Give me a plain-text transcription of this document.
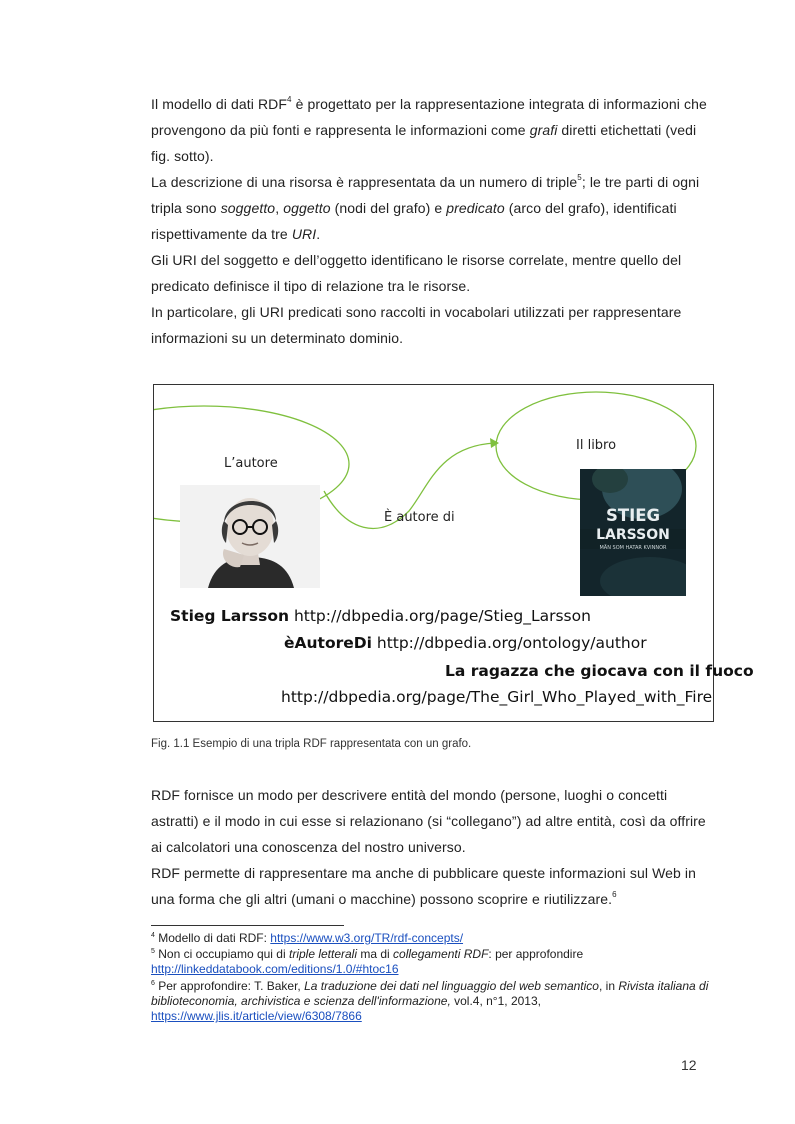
Il modello di dati RDF$^4$ è progettato per la rappresentazione integrata di informazioni che provengono da più fonti e rappresenta le informazioni come grafi diretti etichettati (vedi fig. sotto).

La descrizione di una risorsa è rappresentata da un numero di triple$^5$; le tre parti di ogni tripla sono soggetto, oggetto (nodi del grafo) e predicato (arco del grafo), identificati rispettivamente da tre URI.

Gli URI del soggetto e dell’oggetto identificano le risorse correlate, mentre quello del predicato definisce il tipo di relazione tra le risorse.

In particolare, gli URI predicati sono raccolti in vocabolari utilizzati per rappresentare informazioni su un determinato dominio.

L’autore
Il libro
È autore di	STIEG
LARSSON
MÄN SOM HATAR KVINNOR
Stieg Larsson http://dbpedia.org/page/Stieg_Larsson
èAutoreDi http://dbpedia.org/ontology/author
La ragazza che giocava con il fuoco
http://dbpedia.org/page/The_Girl_Who_Played_with_Fire
Fig. 1.1 Esempio di una tripla RDF rappresentata con un grafo.

RDF fornisce un modo per descrivere entità del mondo (persone, luoghi o concetti astratti) e il modo in cui esse si relazionano (si “collegano”) ad altre entità, così da offrire ai calcolatori una conoscenza del nostro universo.

RDF permette di rappresentare ma anche di pubblicare queste informazioni sul Web in una forma che gli altri (umani o macchine) possono scoprire e riutilizzare.$^6$

$^4$ Modello di dati RDF: https://www.w3.org/TR/rdf-concepts/
$^5$ Non ci occupiamo qui di triple letterali ma di collegamenti RDF: per approfondire http://linkeddatabook.com/editions/1.0/#htoc16
$^6$ Per approfondire: T. Baker, La traduzione dei dati nel linguaggio del web semantico, in Rivista italiana di biblioteconomia, archivistica e scienza dell'informazione, vol.4, n°1, 2013, https://www.jlis.it/article/view/6308/7866
12
